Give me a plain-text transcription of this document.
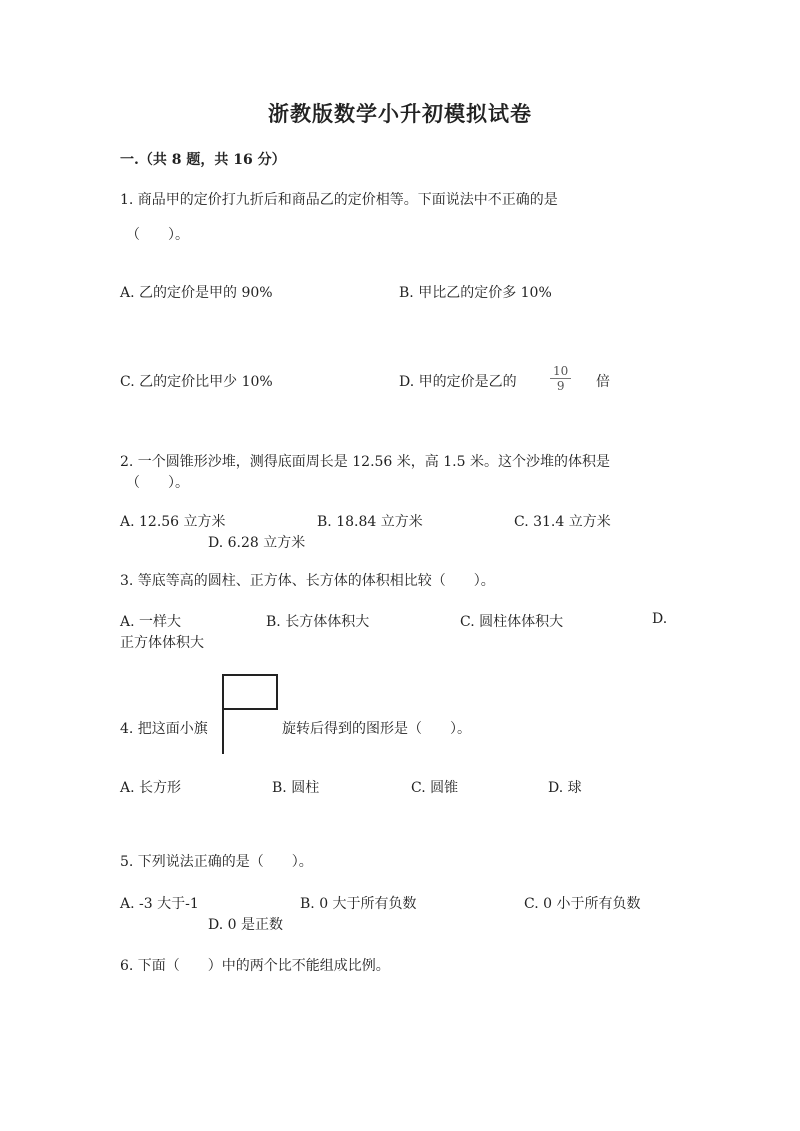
浙教版数学小升初模拟试卷
一.（共 8 题，共 16 分）
1. 商品甲的定价打九折后和商品乙的定价相等。下面说法中不正确的是
（　　）。
A. 乙的定价是甲的 90%	B. 甲比乙的定价多 10%
C. 乙的定价比甲少 10%	D. 甲的定价是乙的	$\frac{10}{9}$ 倍
2. 一个圆锥形沙堆，测得底面周长是 12.56 米，高 1.5 米。这个沙堆的体积是
（　　）。
A. 12.56 立方米	B. 18.84 立方米	C. 31.4 立方米
D. 6.28 立方米
3. 等底等高的圆柱、正方体、长方体的体积相比较（　　）。
A. 一样大	B. 长方体体积大	C. 圆柱体体积大	D.
正方体体积大
4. 把这面小旗	旋转后得到的图形是（　　）。
A. 长方形	B. 圆柱	C. 圆锥	D. 球
5. 下列说法正确的是（　　）。
A. -3 大于-1	B. 0 大于所有负数	C. 0 小于所有负数
D. 0 是正数
6. 下面（　　）中的两个比不能组成比例。
